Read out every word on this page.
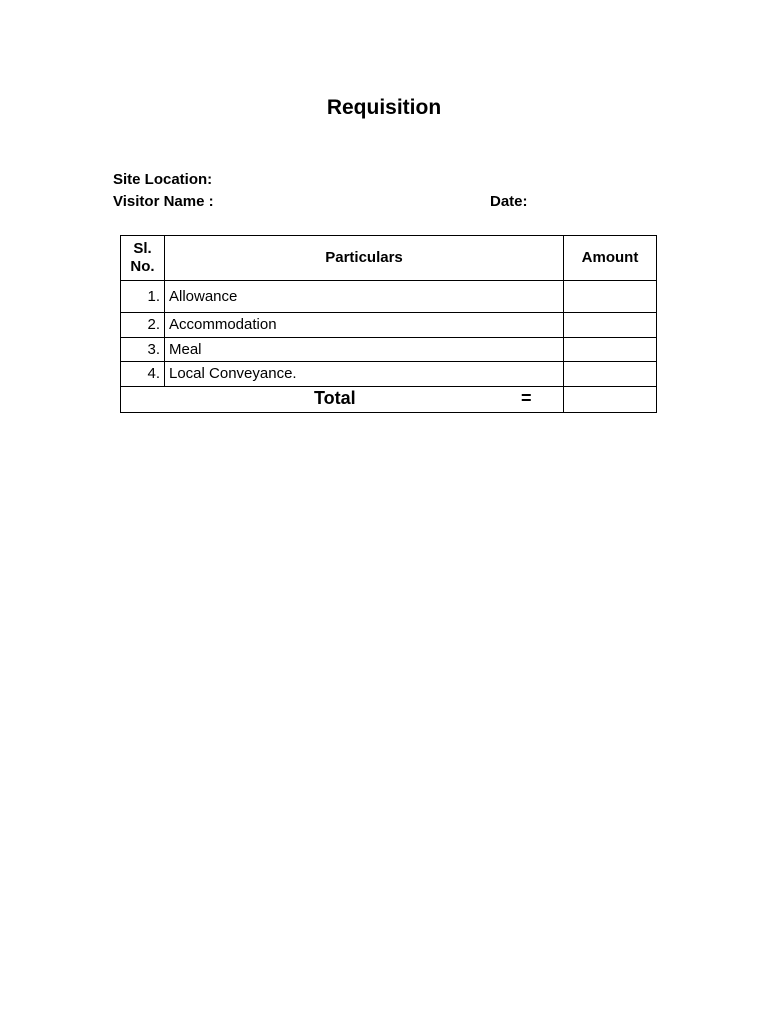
Requisition
Site Location:
Visitor Name :	Date:
Sl.
No.	Particulars	Amount
1.	Allowance	
2.	Accommodation	
3.	Meal	
4.	Local Conveyance.	

Total =		
